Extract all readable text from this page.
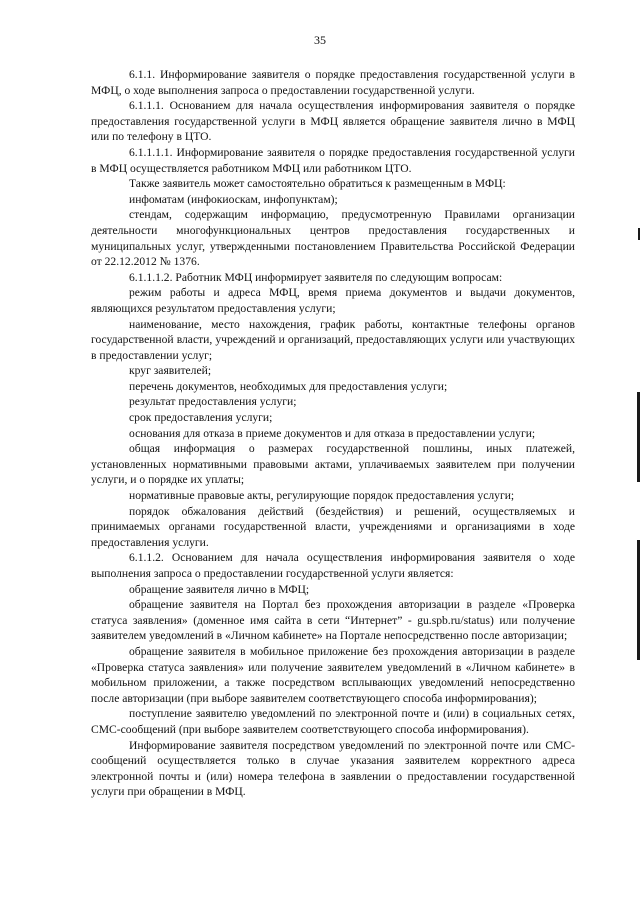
35

6.1.1. Информирование заявителя о порядке предоставления государственной услуги в МФЦ, о ходе выполнения запроса о предоставлении государственной услуги.

6.1.1.1. Основанием для начала осуществления информирования заявителя о порядке предоставления государственной услуги в МФЦ является обращение заявителя лично в МФЦ или по телефону в ЦТО.

6.1.1.1.1. Информирование заявителя о порядке предоставления государственной услуги в МФЦ осуществляется работником МФЦ или работником ЦТО.

Также заявитель может самостоятельно обратиться к размещенным в МФЦ:

инфоматам (инфокиоскам, инфопунктам);

стендам, содержащим информацию, предусмотренную Правилами организации деятельности многофункциональных центров предоставления государственных и муниципальных услуг, утвержденными постановлением Правительства Российской Федерации от 22.12.2012 № 1376.

6.1.1.1.2. Работник МФЦ информирует заявителя по следующим вопросам:

режим работы и адреса МФЦ, время приема документов и выдачи документов, являющихся результатом предоставления услуги;

наименование, место нахождения, график работы, контактные телефоны органов государственной власти, учреждений и организаций, предоставляющих услуги или участвующих в предоставлении услуг;

круг заявителей;

перечень документов, необходимых для предоставления услуги;

результат предоставления услуги;

срок предоставления услуги;

основания для отказа в приеме документов и для отказа в предоставлении услуги;

общая информация о размерах государственной пошлины, иных платежей, установленных нормативными правовыми актами, уплачиваемых заявителем при получении услуги, и о порядке их уплаты;

нормативные правовые акты, регулирующие порядок предоставления услуги;

порядок обжалования действий (бездействия) и решений, осуществляемых и принимаемых органами государственной власти, учреждениями и организациями в ходе предоставления услуги.

6.1.1.2. Основанием для начала осуществления информирования заявителя о ходе выполнения запроса о предоставлении государственной услуги является:

обращение заявителя лично в МФЦ;

обращение заявителя на Портал без прохождения авторизации в разделе «Проверка статуса заявления» (доменное имя сайта в сети “Интернет” - gu.spb.ru/status) или получение заявителем уведомлений в «Личном кабинете» на Портале непосредственно после авторизации;

обращение заявителя в мобильное приложение без прохождения авторизации в разделе «Проверка статуса заявления» или получение заявителем уведомлений в «Личном кабинете» в мобильном приложении, а также посредством всплывающих уведомлений непосредственно после авторизации (при выборе заявителем соответствующего способа информирования);

поступление заявителю уведомлений по электронной почте и (или) в социальных сетях, СМС-сообщений (при выборе заявителем соответствующего способа информирования).

Информирование заявителя посредством уведомлений по электронной почте или СМС-сообщений осуществляется только в случае указания заявителем корректного адреса электронной почты и (или) номера телефона в заявлении о предоставлении государственной услуги при обращении в МФЦ.
